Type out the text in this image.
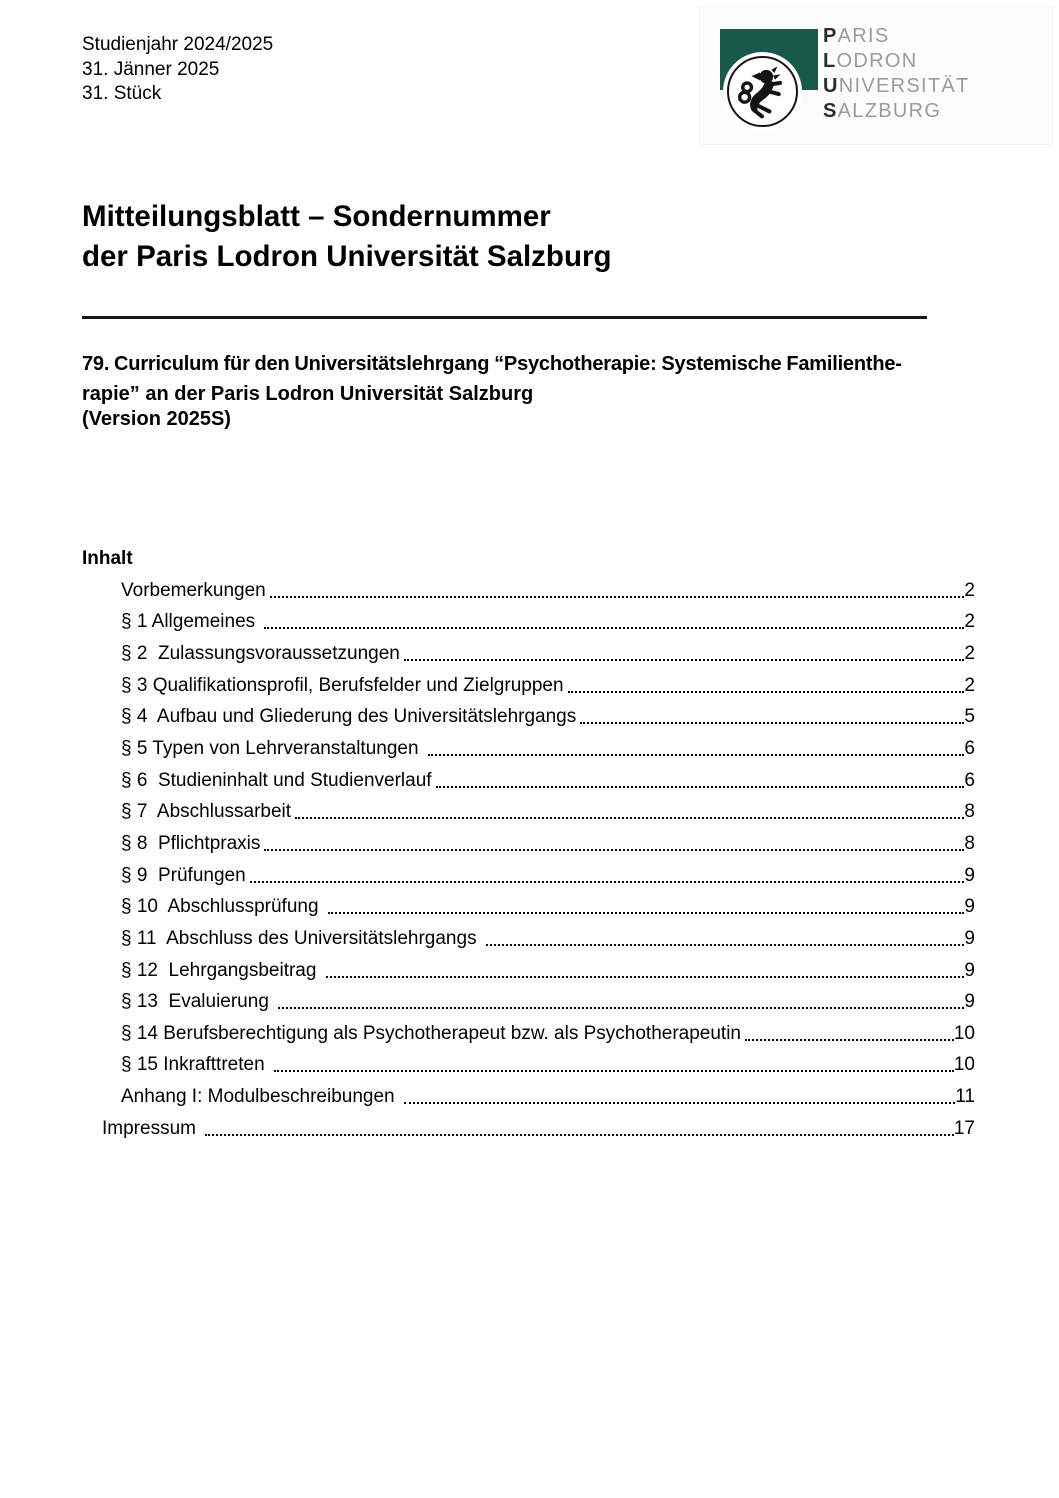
Studienjahr 2024/2025
31. Jänner 2025
31. Stück
PARIS
LODRON
UNIVERSITÄT
SALZBURG
Mitteilungsblatt – Sondernummer
der Paris Lodron Universität Salzburg
79. Curriculum für den Universitätslehrgang “Psychotherapie: Systemische Familienthe-
rapie” an der Paris Lodron Universität Salzburg
(Version 2025S)
Inhalt
Vorbemerkungen	2
§ 1 Allgemeines	2
§ 2  Zulassungsvoraussetzungen	2
§ 3 Qualifikationsprofil, Berufsfelder und Zielgruppen	2
§ 4  Aufbau und Gliederung des Universitätslehrgangs	5
§ 5 Typen von Lehrveranstaltungen	6
§ 6  Studieninhalt und Studienverlauf	6
§ 7  Abschlussarbeit	8
§ 8  Pflichtpraxis	8
§ 9  Prüfungen	9
§ 10  Abschlussprüfung	9
§ 11  Abschluss des Universitätslehrgangs	9
§ 12  Lehrgangsbeitrag	9
§ 13  Evaluierung	9
§ 14 Berufsberechtigung als Psychotherapeut bzw. als Psychotherapeutin	10
§ 15 Inkrafttreten	10
Anhang I: Modulbeschreibungen	11
Impressum	17
